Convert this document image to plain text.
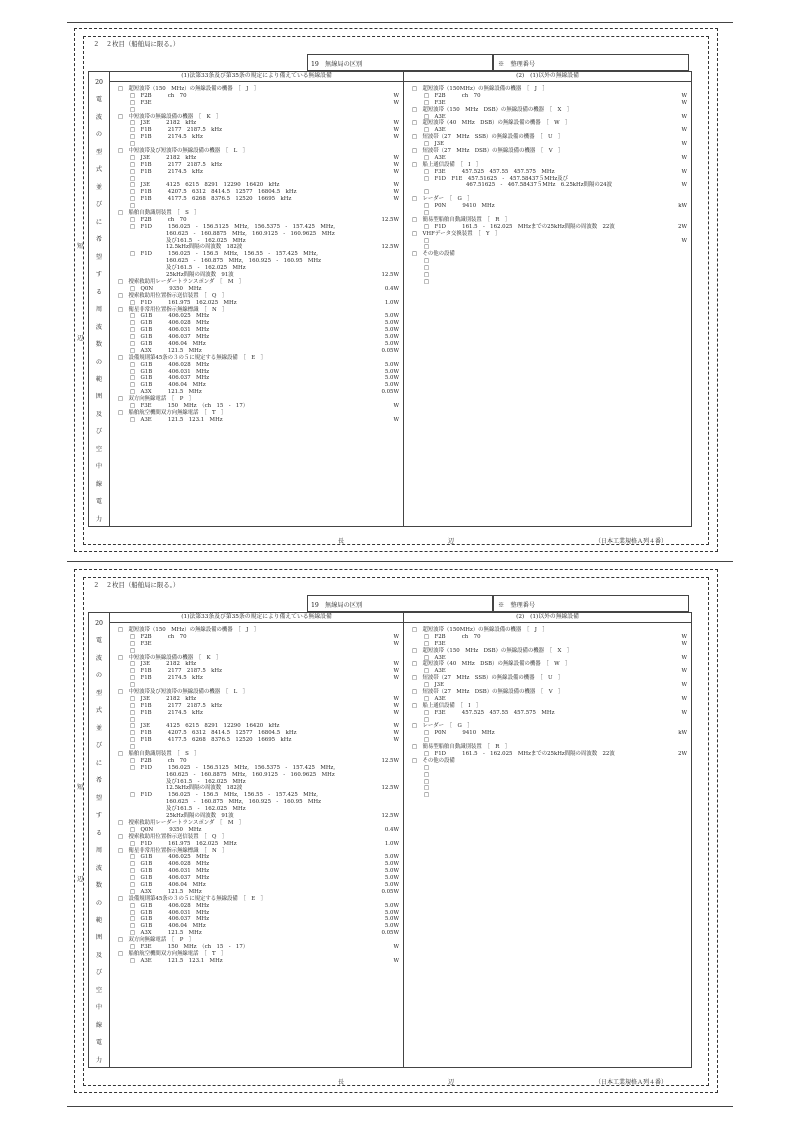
２　２枚目（船舶局に限る。）
19　無線局の区別	※　整理番号
短
辺
20
電
波
の
型
式
並
び
に
希
望
す
る
周
波
数
の
範
囲
及
び
空
中
線
電
力
(1)法第33条及び第35条の規定により備えている無線設備
□　超短波帯（150　MHz）の無線設備の機器　［　J　］
□　F2B　　　ch　70	W
□　F3E	W
□
□　中短波帯の無線設備の機器　［　K　］
□　J3E　　　2182　kHz	W
□　F1B　　　2177　2187.5　kHz	W
□　F1B　　　2174.5　kHz	W
□
□　中短波帯及び短波帯の無線設備の機器　［　L　］
□　J3E　　　2182　kHz	W
□　F1B　　　2177　2187.5　kHz	W
□　F1B　　　2174.5　kHz	W
□
□　J3E　　　4125　6215　8291　12290　16420　kHz	W
□　F1B　　　4207.5　6312　8414.5　12577　16804.5　kHz	W
□　F1B　　　4177.5　6268　8376.5　12520　16695　kHz	W
□
□　船舶自動識別装置　［　S　］
□　F2B　　　ch　70	12.5W
□　F1D　　　156.025　-　156.5125　MHz,　156.5375　-　157.425　MHz,
160.625　-　160.8875　MHz,　160.9125　-　160.9625　MHz
及び161.5　-　162.025　MHz
12.5kHz間隔の周波数　182波	12.5W
□　F1D　　　156.025　-　156.5　MHz,　156.55　-　157.425　MHz,
160.625　-　160.875　MHz,　160.925　-　160.95　MHz
及び161.5　-　162.025　MHz
25kHz間隔の周波数　91波	12.5W
□　捜索救助用レーダートランスポンダ　［　M　］
□　Q0N　　　9350　MHz	0.4W
□　捜索救助用位置指示送信装置　［　Q　］
□　F1D　　　161.975　162.025　MHz	1.0W
□　衛星非常用位置指示無線標識　［　N　］
□　G1B　　　406.025　MHz	5.0W
□　G1B　　　406.028　MHz	5.0W
□　G1B　　　406.031　MHz	5.0W
□　G1B　　　406.037　MHz	5.0W
□　G1B　　　406.04　MHz	5.0W
□　A3X　　　121.5　MHz	0.05W
□　設備規則第45条の３の５に規定する無線設備　［　E　］
□　G1B　　　406.028　MHz	5.0W
□　G1B　　　406.031　MHz	5.0W
□　G1B　　　406.037　MHz	5.0W
□　G1B　　　406.04　MHz	5.0W
□　A3X　　　121.5　MHz	0.05W
□　双方向無線電話　［　P　］
□　F3E　　　150　MHz　（ch　15　-　17）	W
□　船舶航空機間双方向無線電話　［　T　］
□　A3E　　　121.5　123.1　MHz	W
(2)　(1)以外の無線設備
□　超短波帯（150MHz）の無線設備の機器　［　J　］
□　F2B　　　ch　70	W
□　F3E	W
□　超短波帯（150　MHz　DSB）の無線設備の機器　［　X　］
□　A3E	W
□　超短波帯（40　MHz　DSB）の無線設備の機器　［　W　］
□　A3E	W
□　短波帯（27　MHz　SSB）の無線設備の機器　［　U　］
□　J3E	W
□　短波帯（27　MHz　DSB）の無線設備の機器　［　V　］
□　A3E	W
□　船上通信設備　［　I　］
□　F3E　　　457.525　457.55　457.575　MHz	W
□　F1D　F1E　457.51625　-　457.58437５MHz及び
467.51625　-　467.58437５MHz　6.25kHz間隔の24波	W
□
□　レーダー　［　G　］
□　P0N　　　9410　MHz	kW
□
□　簡易型船舶自動識別装置　［　R　］
□　F1D　　　161.5　-　162.025　MHzまでの25kHz間隔の周波数　22波	2W
□　VHFデータ交換装置　［　Y　］
□	W
□
□　その他の設備
□
□
□
□
長	辺	（日本工業規格Ａ列４番）
２　２枚目（船舶局に限る。）
19　無線局の区別	※　整理番号
短
辺
20
電
波
の
型
式
並
び
に
希
望
す
る
周
波
数
の
範
囲
及
び
空
中
線
電
力
(1)法第33条及び第35条の規定により備えている無線設備
□　超短波帯（150　MHz）の無線設備の機器　［　J　］
□　F2B　　　ch　70	W
□　F3E	W
□
□　中短波帯の無線設備の機器　［　K　］
□　J3E　　　2182　kHz	W
□　F1B　　　2177　2187.5　kHz	W
□　F1B　　　2174.5　kHz	W
□
□　中短波帯及び短波帯の無線設備の機器　［　L　］
□　J3E　　　2182　kHz	W
□　F1B　　　2177　2187.5　kHz	W
□　F1B　　　2174.5　kHz	W
□
□　J3E　　　4125　6215　8291　12290　16420　kHz	W
□　F1B　　　4207.5　6312　8414.5　12577　16804.5　kHz	W
□　F1B　　　4177.5　6268　8376.5　12520　16695　kHz	W
□
□　船舶自動識別装置　［　S　］
□　F2B　　　ch　70	12.5W
□　F1D　　　156.025　-　156.5125　MHz,　156.5375　-　157.425　MHz,
160.625　-　160.8875　MHz,　160.9125　-　160.9625　MHz
及び161.5　-　162.025　MHz
12.5kHz間隔の周波数　182波	12.5W
□　F1D　　　156.025　-　156.5　MHz,　156.55　-　157.425　MHz,
160.625　-　160.875　MHz,　160.925　-　160.95　MHz
及び161.5　-　162.025　MHz
25kHz間隔の周波数　91波	12.5W
□　捜索救助用レーダートランスポンダ　［　M　］
□　Q0N　　　9350　MHz	0.4W
□　捜索救助用位置指示送信装置　［　Q　］
□　F1D　　　161.975　162.025　MHz	1.0W
□　衛星非常用位置指示無線標識　［　N　］
□　G1B　　　406.025　MHz	5.0W
□　G1B　　　406.028　MHz	5.0W
□　G1B　　　406.031　MHz	5.0W
□　G1B　　　406.037　MHz	5.0W
□　G1B　　　406.04　MHz	5.0W
□　A3X　　　121.5　MHz	0.05W
□　設備規則第45条の３の５に規定する無線設備　［　E　］
□　G1B　　　406.028　MHz	5.0W
□　G1B　　　406.031　MHz	5.0W
□　G1B　　　406.037　MHz	5.0W
□　G1B　　　406.04　MHz	5.0W
□　A3X　　　121.5　MHz	0.05W
□　双方向無線電話　［　P　］
□　F3E　　　150　MHz　（ch　15　-　17）	W
□　船舶航空機間双方向無線電話　［　T　］
□　A3E　　　121.5　123.1　MHz	W
(2)　(1)以外の無線設備
□　超短波帯（150MHz）の無線設備の機器　［　J　］
□　F2B　　　ch　70	W
□　F3E	W
□　超短波帯（150　MHz　DSB）の無線設備の機器　［　X　］
□　A3E	W
□　超短波帯（40　MHz　DSB）の無線設備の機器　［　W　］
□　A3E	W
□　短波帯（27　MHz　SSB）の無線設備の機器　［　U　］
□　J3E	W
□　短波帯（27　MHz　DSB）の無線設備の機器　［　V　］
□　A3E	W
□　船上通信設備　［　I　］
□　F3E　　　457.525　457.55　457.575　MHz	W
□
□　レーダー　［　G　］
□　P0N　　　9410　MHz	kW
□
□　簡易型船舶自動識別装置　［　R　］
□　F1D　　　161.5　-　162.025　MHzまでの25kHz間隔の周波数　22波	2W
□　その他の設備
□
□
□
□
□
長	辺	（日本工業規格Ａ列４番）
